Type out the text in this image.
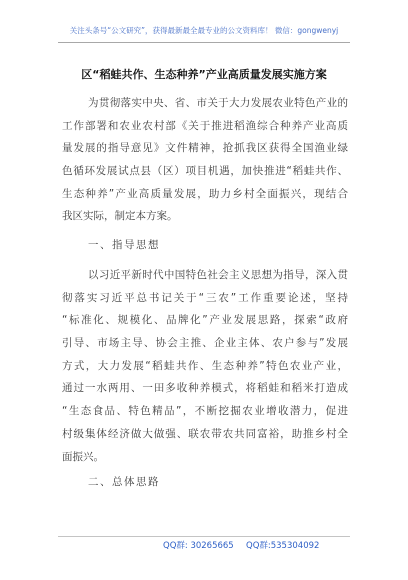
关注头条号“公文研究”，获得最新最全最专业的公文资料库！ 微信：gongwenyj
区“稻蛙共作、生态种养”产业高质量发展实施方案
为贯彻落实中央、省、市关于大力发展农业特色产业的
工作部署和农业农村部《关于推进稻渔综合种养产业高质
量发展的指导意见》文件精神，抢抓我区获得全国渔业绿
色循环发展试点县（区）项目机遇，加快推进“稻蛙共作、
生态种养”产业高质量发展，助力乡村全面振兴，现结合
我区实际，制定本方案。
一、指导思想
以习近平新时代中国特色社会主义思想为指导，深入贯
彻落实习近平总书记关于“三农”工作重要论述，坚持
“标准化、规模化、品牌化”产业发展思路，探索“政府
引导、市场主导、协会主推、企业主体、农户参与”发展
方式，大力发展“稻蛙共作、生态种养”特色农业产业，
通过一水两用、一田多收种养模式，将稻蛙和稻米打造成
“生态食品、特色精品”，不断挖掘农业增收潜力，促进
村级集体经济做大做强、联农带农共同富裕，助推乡村全
面振兴。
二、总体思路
QQ群: 30265665 QQ群:535304092
